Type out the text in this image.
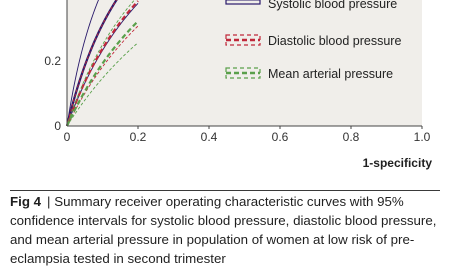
0	0.2	0.4	0.6	0.8	1.0
0
0.2
1-specificity
Systolic blood pressure
Diastolic blood pressure
Mean arterial pressure
Fig 4 | Summary receiver operating characteristic curves with 95% confidence intervals for systolic blood pressure, diastolic blood pressure, and mean arterial pressure in population of women at low risk of pre-eclampsia tested in second trimester
